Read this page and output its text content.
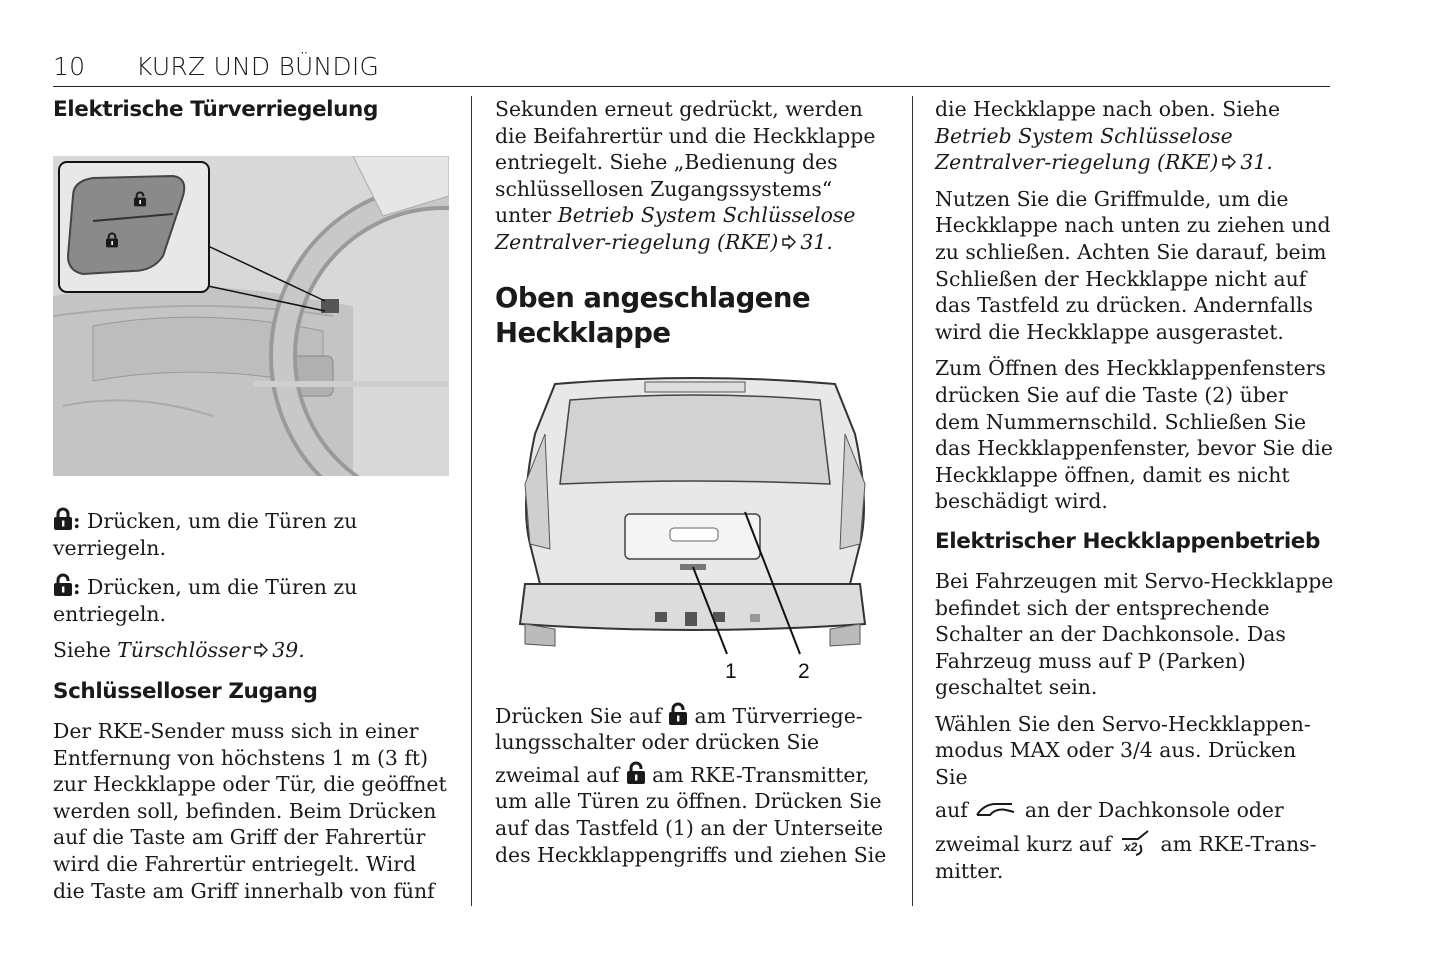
10 KURZ UND BÜNDIG
Elektrische Türverriegelung

: Drücken, um die Türen zu verriegeln.

: Drücken, um die Türen zu entriegeln.

Siehe Türschlösser 39.

Schlüsselloser Zugang

Der RKE-Sender muss sich in einer Entfernung von höchstens 1 m (3 ft) zur Heckklappe oder Tür, die geöffnet werden soll, befinden. Beim Drücken auf die Taste am Griff der Fahrertür wird die Fahrertür entriegelt. Wird die Taste am Griff innerhalb von fünf

Sekunden erneut gedrückt, werden die Beifahrertür und die Heckklappe entriegelt. Siehe „Bedienung des schlüssellosen Zugangssystems“ unter Betrieb System Schlüsselose Zentralver-riegelung (RKE) 31.

Oben angeschlagene
Heckklappe
1	2

Drücken Sie auf am Türverriege-
lungsschalter oder drücken Sie
zweimal auf am RKE-Transmitter, um alle Türen zu öffnen. Drücken Sie auf das Tastfeld (1) an der Unterseite des Heckklappengriffs und ziehen Sie

die Heckklappe nach oben. Siehe Betrieb System Schlüsselose Zentralver-riegelung (RKE) 31.

Nutzen Sie die Griffmulde, um die Heckklappe nach unten zu ziehen und zu schließen. Achten Sie darauf, beim Schließen der Heckklappe nicht auf das Tastfeld zu drücken. Andernfalls wird die Heckklappe ausgerastet.

Zum Öffnen des Heckklappenfensters drücken Sie auf die Taste (2) über dem Nummernschild. Schließen Sie das Heckklappenfenster, bevor Sie die Heckklappe öffnen, damit es nicht beschädigt wird.

Elektrischer Heckklappenbetrieb

Bei Fahrzeugen mit Servo-Heckklappe befindet sich der entsprechende Schalter an der Dachkonsole. Das Fahrzeug muss auf P (Parken) geschaltet sein.

Wählen Sie den Servo-Heckklappen-
modus MAX oder 3/4 aus. Drücken Sie
auf	an der Dachkonsole oder
zweimal kurz auf x2 am RKE-Trans-
mitter.
